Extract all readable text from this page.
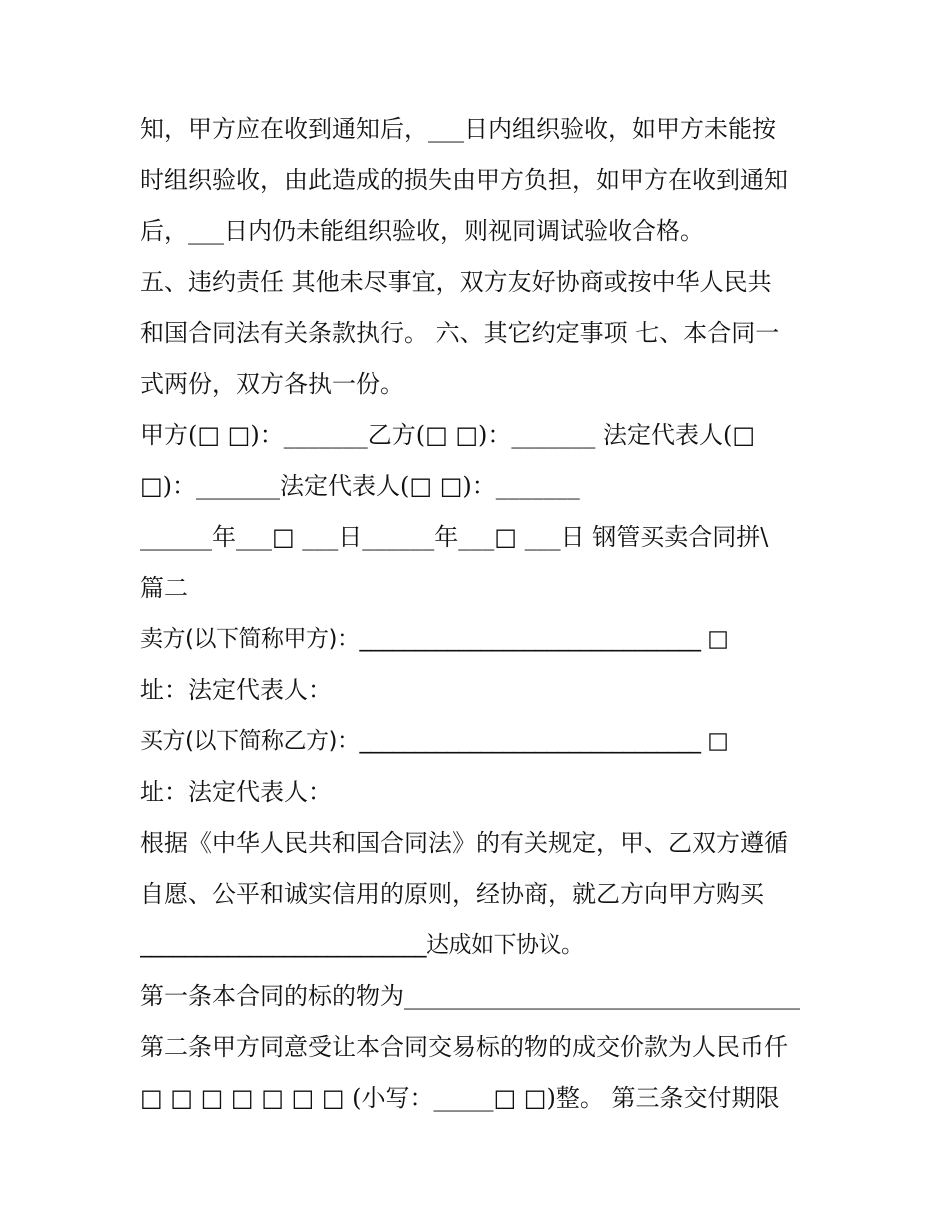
知，甲方应在收到通知后，___日内组织验收，如甲方未能按
时组织验收，由此造成的损失由甲方负担，如甲方在收到通知
后，___日内仍未能组织验收，则视同调试验收合格。
五、违约责任 其他未尽事宜，双方友好协商或按中华人民共
和国合同法有关条款执行。 六、其它约定事项 七、本合同一
式两份，双方各执一份。
甲方(□ □)：_______乙方(□ □)：_______ 法定代表人(□
□)：_______法定代表人(□ □)：_______
______年___□ ___日______年___□ ___日 钢管买卖合同拼\
篇二
卖方(以下简称甲方)：_______________________________ □
址：法定代表人：
买方(以下简称乙方)：_______________________________ □
址：法定代表人：
根据《中华人民共和国合同法》的有关规定，甲、乙双方遵循
自愿、公平和诚实信用的原则，经协商，就乙方向甲方购买
__________________________达成如下协议。
第一条本合同的标的物为_________________________________
第二条甲方同意受让本合同交易标的物的成交价款为人民币仟
□ □ □ □ □ □ □ (小写：_____□ □)整。 第三条交付期限
